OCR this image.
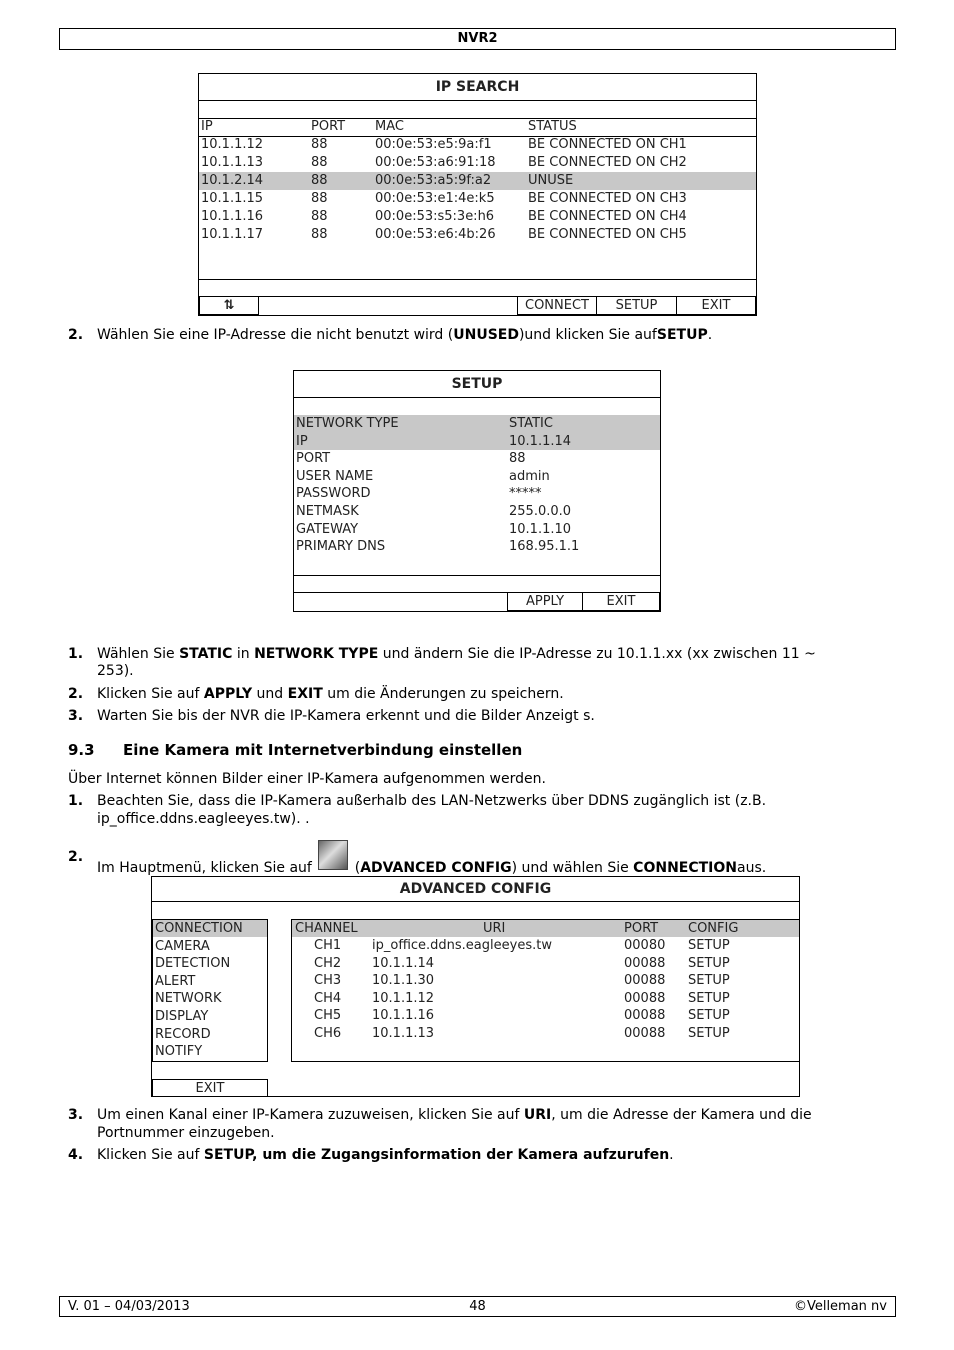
NVR2
IP SEARCH
IP	PORT MAC	STATUS
10.1.1.12	88	00:0e:53:e5:9a:f1	BE CONNECTED ON CH1
10.1.1.13	88	00:0e:53:a6:91:18 BE CONNECTED ON CH2
10.1.2.14	88	00:0e:53:a5:9f:a2	UNUSE
10.1.1.15	88	00:0e:53:e1:4e:k5	BE CONNECTED ON CH3
10.1.1.16	88	00:0e:53:s5:3e:h6	BE CONNECTED ON CH4
10.1.1.17	88	00:0e:53:e6:4b:26 BE CONNECTED ON CH5
⇅	CONNECT	SETUP	EXIT
2. Wählen Sie eine IP-Adresse die nicht benutzt wird (UNUSED)und klicken Sie aufSETUP.
SETUP
NETWORK TYPE	STATIC
IP	10.1.1.14
PORT	88
USER NAME	admin
PASSWORD	*****
NETMASK	255.0.0.0
GATEWAY	10.1.1.10
PRIMARY DNS	168.95.1.1
APPLY	EXIT
1. Wählen Sie STATIC in NETWORK TYPE und ändern Sie die IP-Adresse zu 10.1.1.xx (xx zwischen 11 ~
253).
2. Klicken Sie auf APPLY und EXIT um die Änderungen zu speichern.
3. Warten Sie bis der NVR die IP-Kamera erkennt und die Bilder Anzeigt s.
9.3 Eine Kamera mit Internetverbindung einstellen
Über Internet können Bilder einer IP-Kamera aufgenommen werden.
1. Beachten Sie, dass die IP-Kamera außerhalb des LAN-Netzwerks über DDNS zugänglich ist (z.B.
ip_office.ddns.eagleeyes.tw). .
2.
Im Hauptmenü, klicken Sie auf  (ADVANCED CONFIG) und wählen Sie CONNECTIONaus.
ADVANCED CONFIG
CONNECTION
CAMERA
DETECTION
ALERT
NETWORK
DISPLAY
RECORD
NOTIFY
CHANNEL	URI	PORT CONFIG
CH1 ip_office.ddns.eagleeyes.tw	00080 SETUP
CH2 10.1.1.14	00088 SETUP
CH3 10.1.1.30	00088 SETUP
CH4 10.1.1.12	00088 SETUP
CH5 10.1.1.16	00088 SETUP
CH6 10.1.1.13	00088 SETUP
EXIT
3. Um einen Kanal einer IP-Kamera zuzuweisen, klicken Sie auf URI, um die Adresse der Kamera und die
Portnummer einzugeben.
4. Klicken Sie auf SETUP, um die Zugangsinformation der Kamera aufzurufen.
V. 01 – 04/03/2013	48	©Velleman nv
